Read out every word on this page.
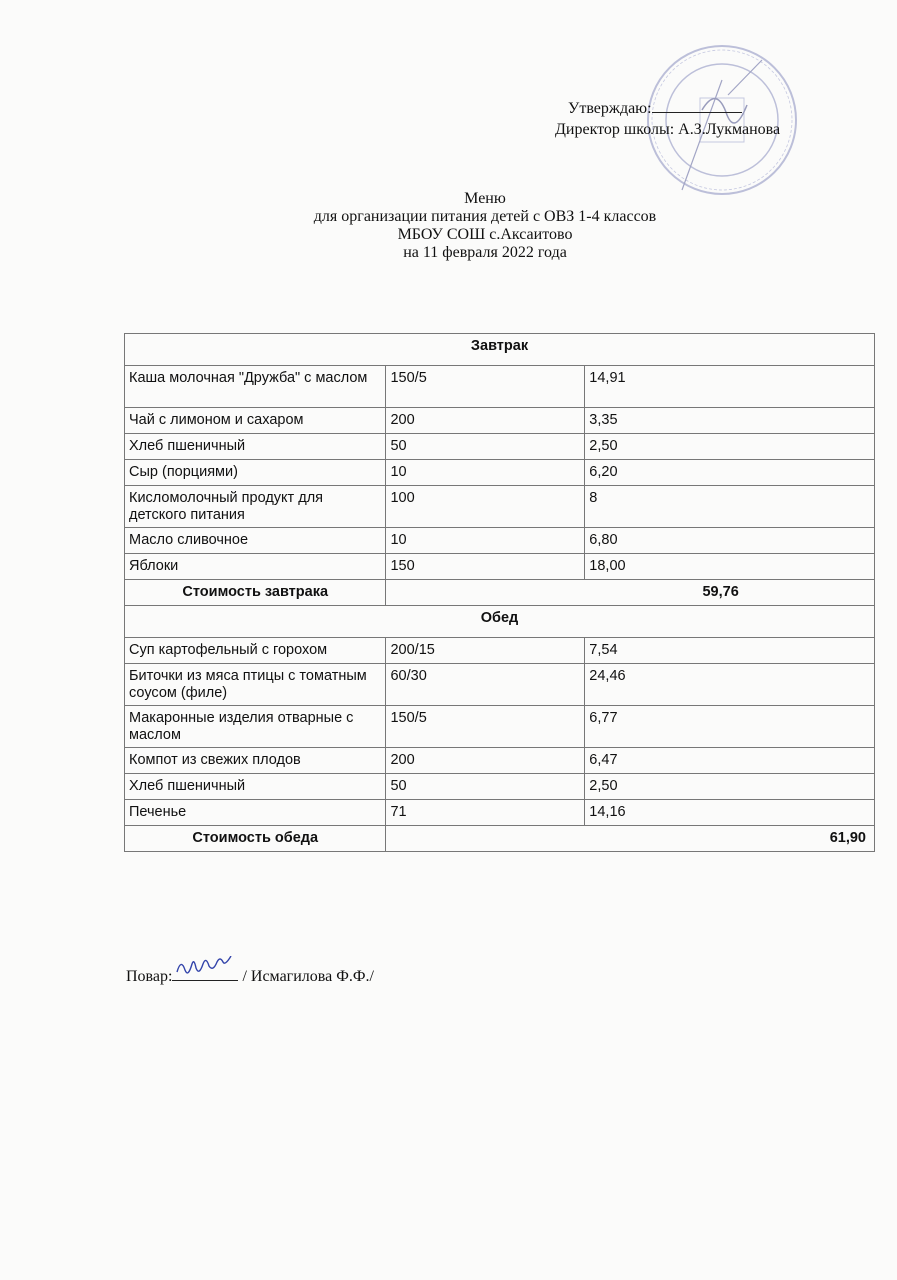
Утверждаю:
Директор школы: А.З.Лукманова
Меню
для организации питания детей с ОВЗ 1-4 классов
МБОУ СОШ с.Аксаитово
на 11 февраля 2022 года
Завтрак		
Каша молочная "Дружба" с маслом	150/5	14,91
Чай с лимоном и сахаром	200	3,35
Хлеб пшеничный	50	2,50
Сыр (порциями)	10	6,20
Кисломолочный продукт для детского питания	100	8
Масло сливочное	10	6,80
Яблоки	150	18,00
Стоимость завтрака	59,76	
Обед		
Суп картофельный с горохом	200/15	7,54
Биточки из мяса птицы с томатным соусом (филе)	60/30	24,46
Макаронные изделия отварные с маслом	150/5	6,77
Компот из свежих плодов	200	6,47
Хлеб пшеничный	50	2,50
Печенье	71	14,16
Стоимость обеда	61,90	
Повар:	/ Исмагилова Ф.Ф./
